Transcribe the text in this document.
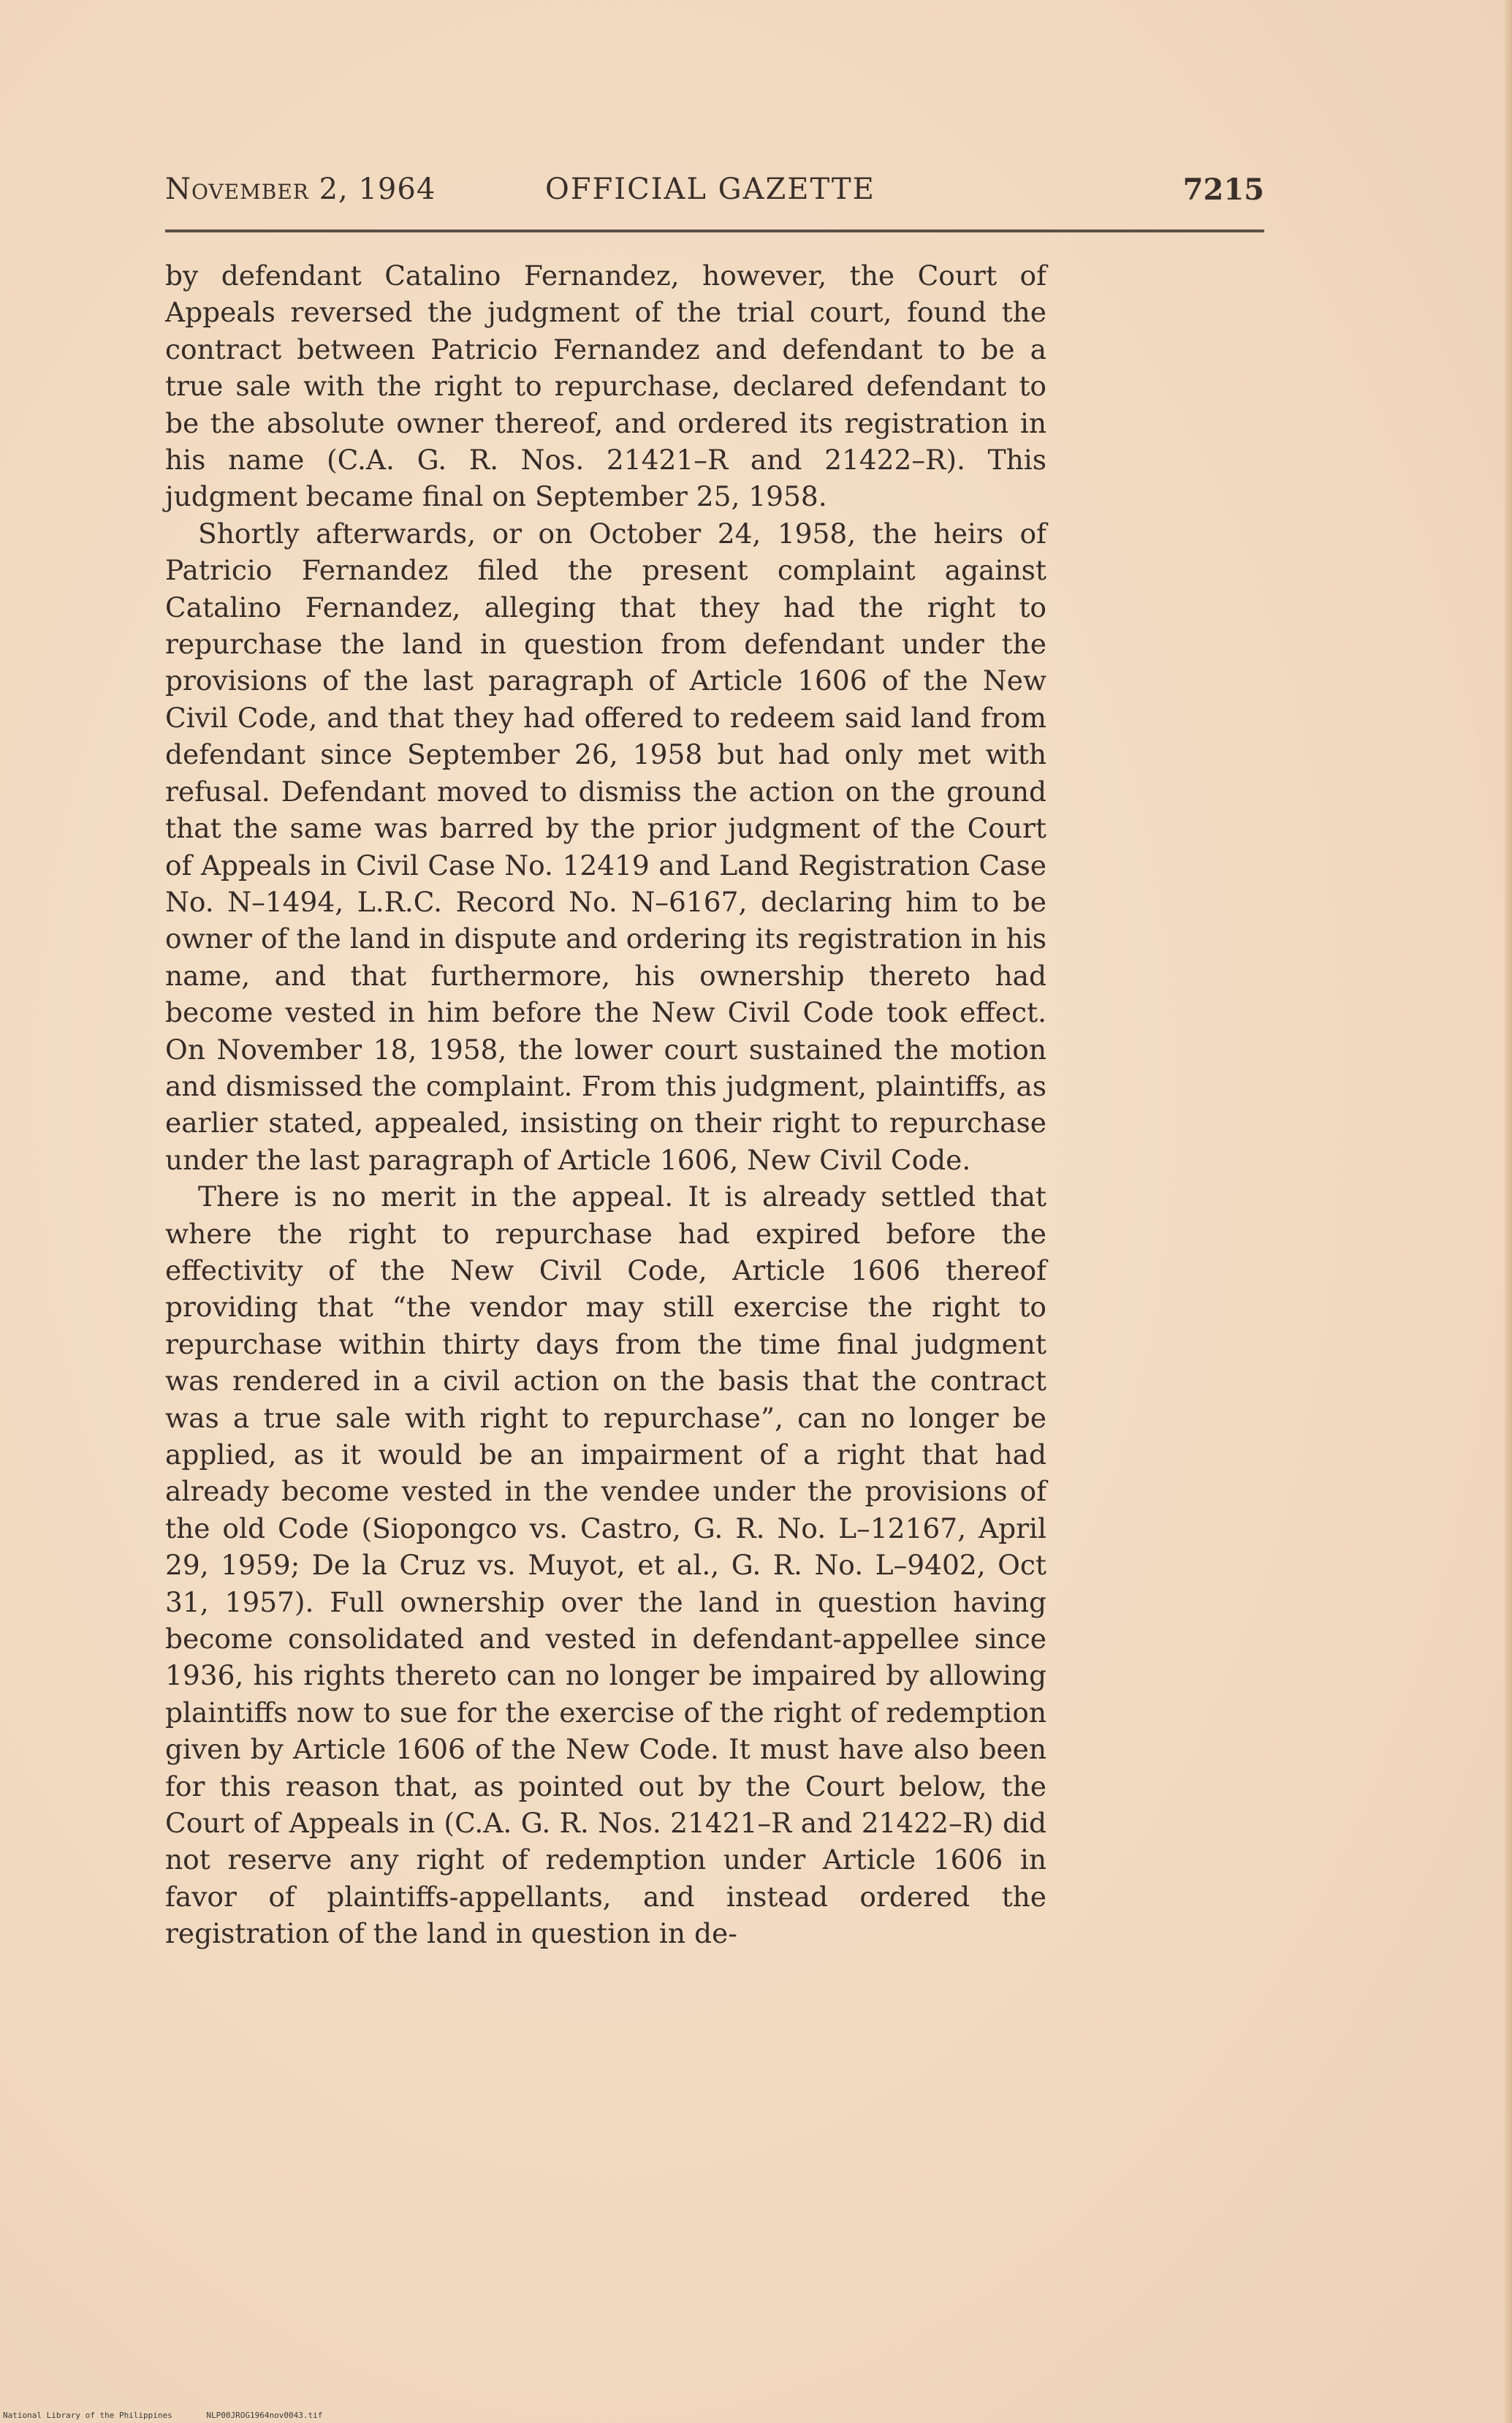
November 2, 1964	OFFICIAL GAZETTE	7215

by defendant Catalino Fernandez, however, the Court of Appeals reversed the judgment of the trial court, found the contract between Patricio Fernandez and defendant to be a true sale with the right to repurchase, declared defendant to be the absolute owner thereof, and ordered its registration in his name (C.A. G. R. Nos. 21421–R and 21422–R). This judgment became final on September 25, 1958.

Shortly afterwards, or on October 24, 1958, the heirs of Patricio Fernandez filed the present complaint against Catalino Fernandez, alleging that they had the right to repurchase the land in question from defendant under the provisions of the last paragraph of Article 1606 of the New Civil Code, and that they had offered to redeem said land from defendant since September 26, 1958 but had only met with refusal. Defendant moved to dismiss the action on the ground that the same was barred by the prior judgment of the Court of Appeals in Civil Case No. 12419 and Land Registration Case No. N–1494, L.R.C. Record No. N–6167, declaring him to be owner of the land in dispute and ordering its registration in his name, and that furthermore, his ownership thereto had become vested in him before the New Civil Code took effect. On November 18, 1958, the lower court sustained the motion and dismissed the complaint. From this judgment, plaintiffs, as earlier stated, appealed, insisting on their right to repurchase under the last paragraph of Article 1606, New Civil Code.

There is no merit in the appeal. It is already settled that where the right to repurchase had expired before the effectivity of the New Civil Code, Article 1606 thereof providing that “the vendor may still exercise the right to repurchase within thirty days from the time final judgment was rendered in a civil action on the basis that the contract was a true sale with right to repurchase”, can no longer be applied, as it would be an impairment of a right that had already become vested in the vendee under the provisions of the old Code (Siopongco vs. Castro, G. R. No. L–12167, April 29, 1959; De la Cruz vs. Muyot, et al., G. R. No. L–9402, Oct 31, 1957). Full ownership over the land in question having become consolidated and vested in defendant-appellee since 1936, his rights thereto can no longer be impaired by allowing plaintiffs now to sue for the exercise of the right of redemption given by Article 1606 of the New Code. It must have also been for this reason that, as pointed out by the Court below, the Court of Appeals in (C.A. G. R. Nos. 21421–R and 21422–R) did not reserve any right of redemption under Article 1606 in favor of plaintiffs-appellants, and instead ordered the registration of the land in question in de-

National Library of the Philippines	NLP00JROG1964nov0043.tif
